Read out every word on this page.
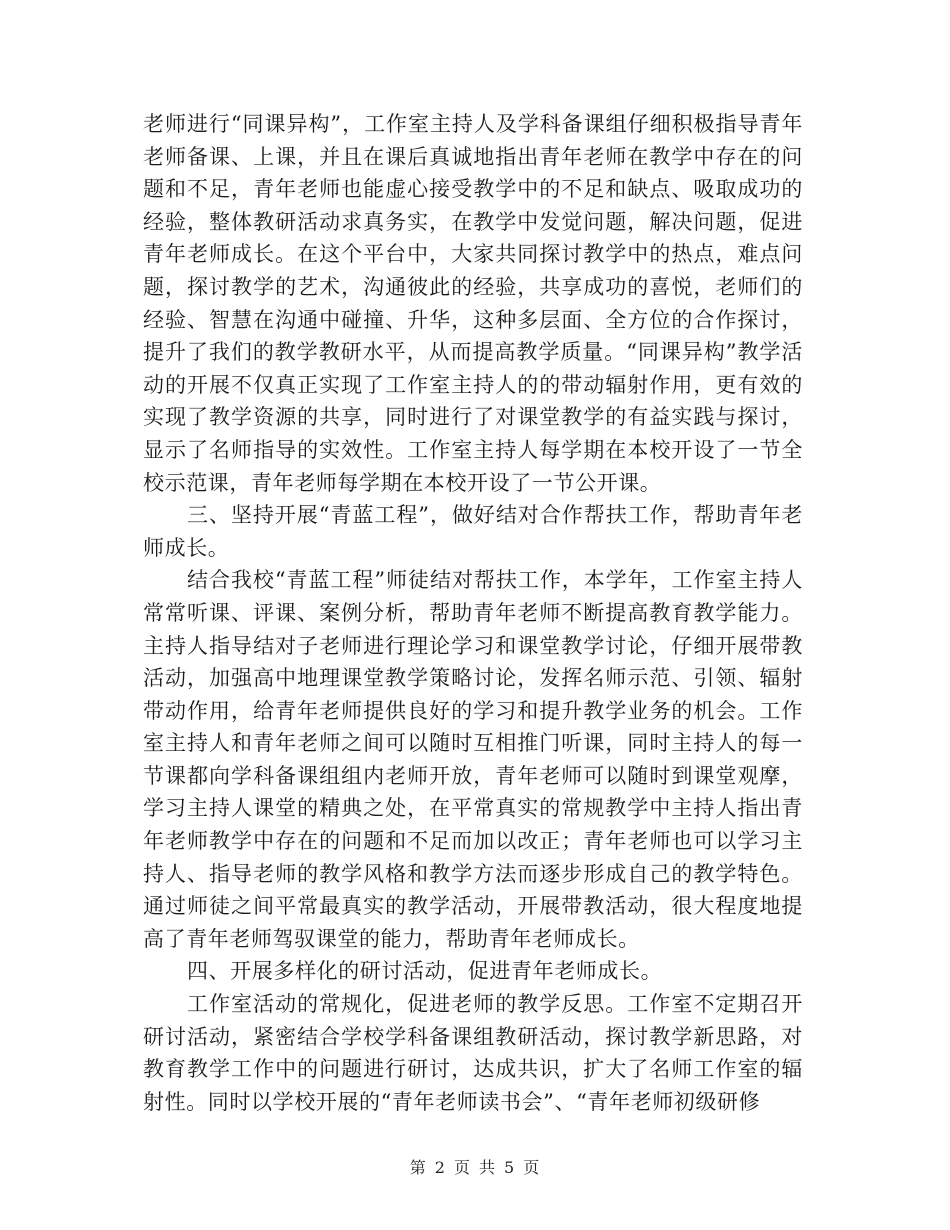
老师进行“同课异构”，工作室主持人及学科备课组仔细积极指导青年老师备课、上课，并且在课后真诚地指出青年老师在教学中存在的问题和不足，青年老师也能虚心接受教学中的不足和缺点、吸取成功的经验，整体教研活动求真务实，在教学中发觉问题，解决问题，促进青年老师成长。在这个平台中，大家共同探讨教学中的热点，难点问题，探讨教学的艺术，沟通彼此的经验，共享成功的喜悦，老师们的经验、智慧在沟通中碰撞、升华，这种多层面、全方位的合作探讨，提升了我们的教学教研水平，从而提高教学质量。“同课异构”教学活动的开展不仅真正实现了工作室主持人的的带动辐射作用，更有效的实现了教学资源的共享，同时进行了对课堂教学的有益实践与探讨，显示了名师指导的实效性。工作室主持人每学期在本校开设了一节全校示范课，青年老师每学期在本校开设了一节公开课。

三、坚持开展“青蓝工程”，做好结对合作帮扶工作，帮助青年老师成长。

结合我校“青蓝工程”师徒结对帮扶工作，本学年，工作室主持人常常听课、评课、案例分析，帮助青年老师不断提高教育教学能力。主持人指导结对子老师进行理论学习和课堂教学讨论，仔细开展带教活动，加强高中地理课堂教学策略讨论，发挥名师示范、引领、辐射带动作用，给青年老师提供良好的学习和提升教学业务的机会。工作室主持人和青年老师之间可以随时互相推门听课，同时主持人的每一节课都向学科备课组组内老师开放，青年老师可以随时到课堂观摩，学习主持人课堂的精典之处，在平常真实的常规教学中主持人指出青年老师教学中存在的问题和不足而加以改正；青年老师也可以学习主持人、指导老师的教学风格和教学方法而逐步形成自己的教学特色。通过师徒之间平常最真实的教学活动，开展带教活动，很大程度地提高了青年老师驾驭课堂的能力，帮助青年老师成长。

四、开展多样化的研讨活动，促进青年老师成长。

工作室活动的常规化，促进老师的教学反思。工作室不定期召开研讨活动，紧密结合学校学科备课组教研活动，探讨教学新思路，对教育教学工作中的问题进行研讨，达成共识，扩大了名师工作室的辐射性。同时以学校开展的“青年老师读书会”、“青年老师初级研修

第 2 页 共 5 页
